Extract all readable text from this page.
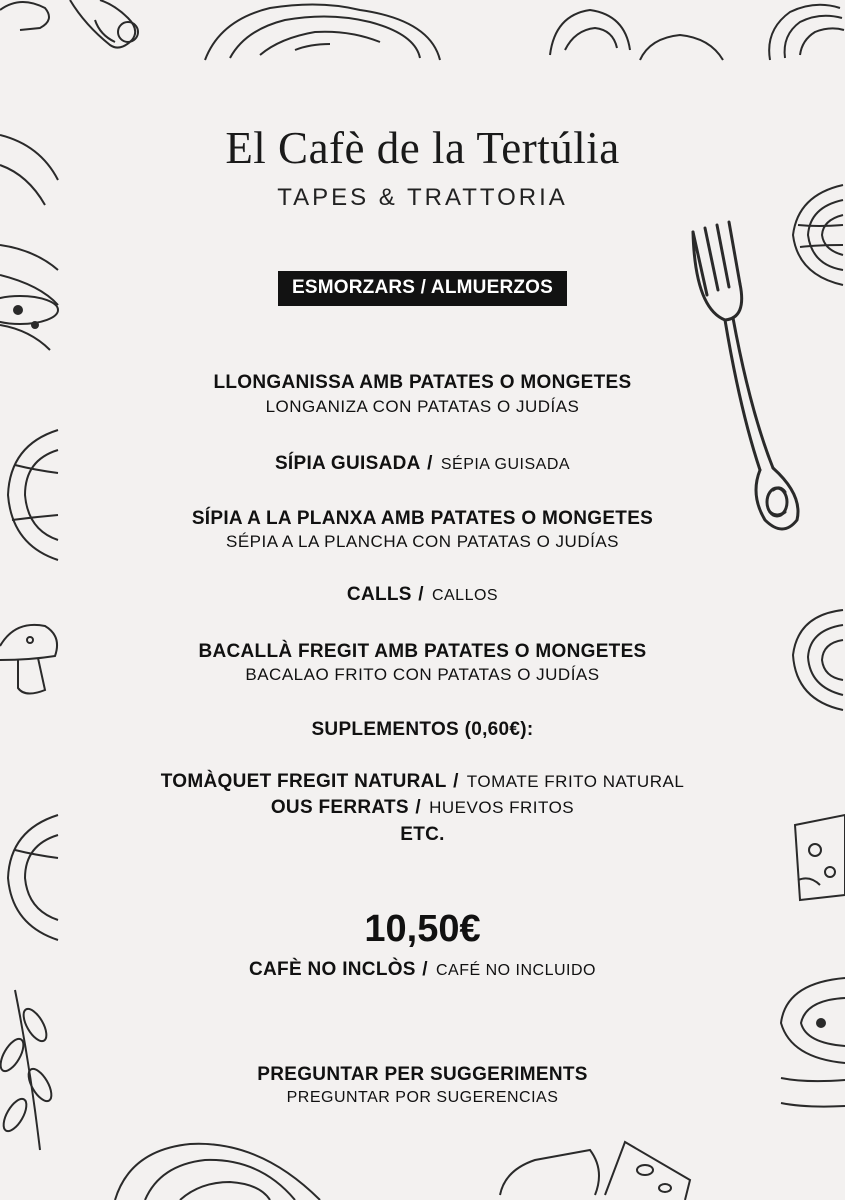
El Cafè de la Tertúlia
TAPES & TRATTORIA
ESMORZARS / ALMUERZOS
LLONGANISSA AMB PATATES O MONGETES
LONGANIZA CON PATATAS O JUDÍAS
SÍPIA GUISADA / SÉPIA GUISADA
SÍPIA A LA PLANXA AMB PATATES O MONGETES
SÉPIA A LA PLANCHA CON PATATAS O JUDÍAS
CALLS / CALLOS
BACALLÀ FREGIT AMB PATATES O MONGETES
BACALAO FRITO CON PATATAS O JUDÍAS
SUPLEMENTOS (0,60€):
TOMÀQUET FREGIT NATURAL / TOMATE FRITO NATURAL
OUS FERRATS / HUEVOS FRITOS
ETC.
10,50€
CAFÈ NO INCLÒS / CAFÉ NO INCLUIDO
PREGUNTAR PER SUGGERIMENTS
PREGUNTAR POR SUGERENCIAS
